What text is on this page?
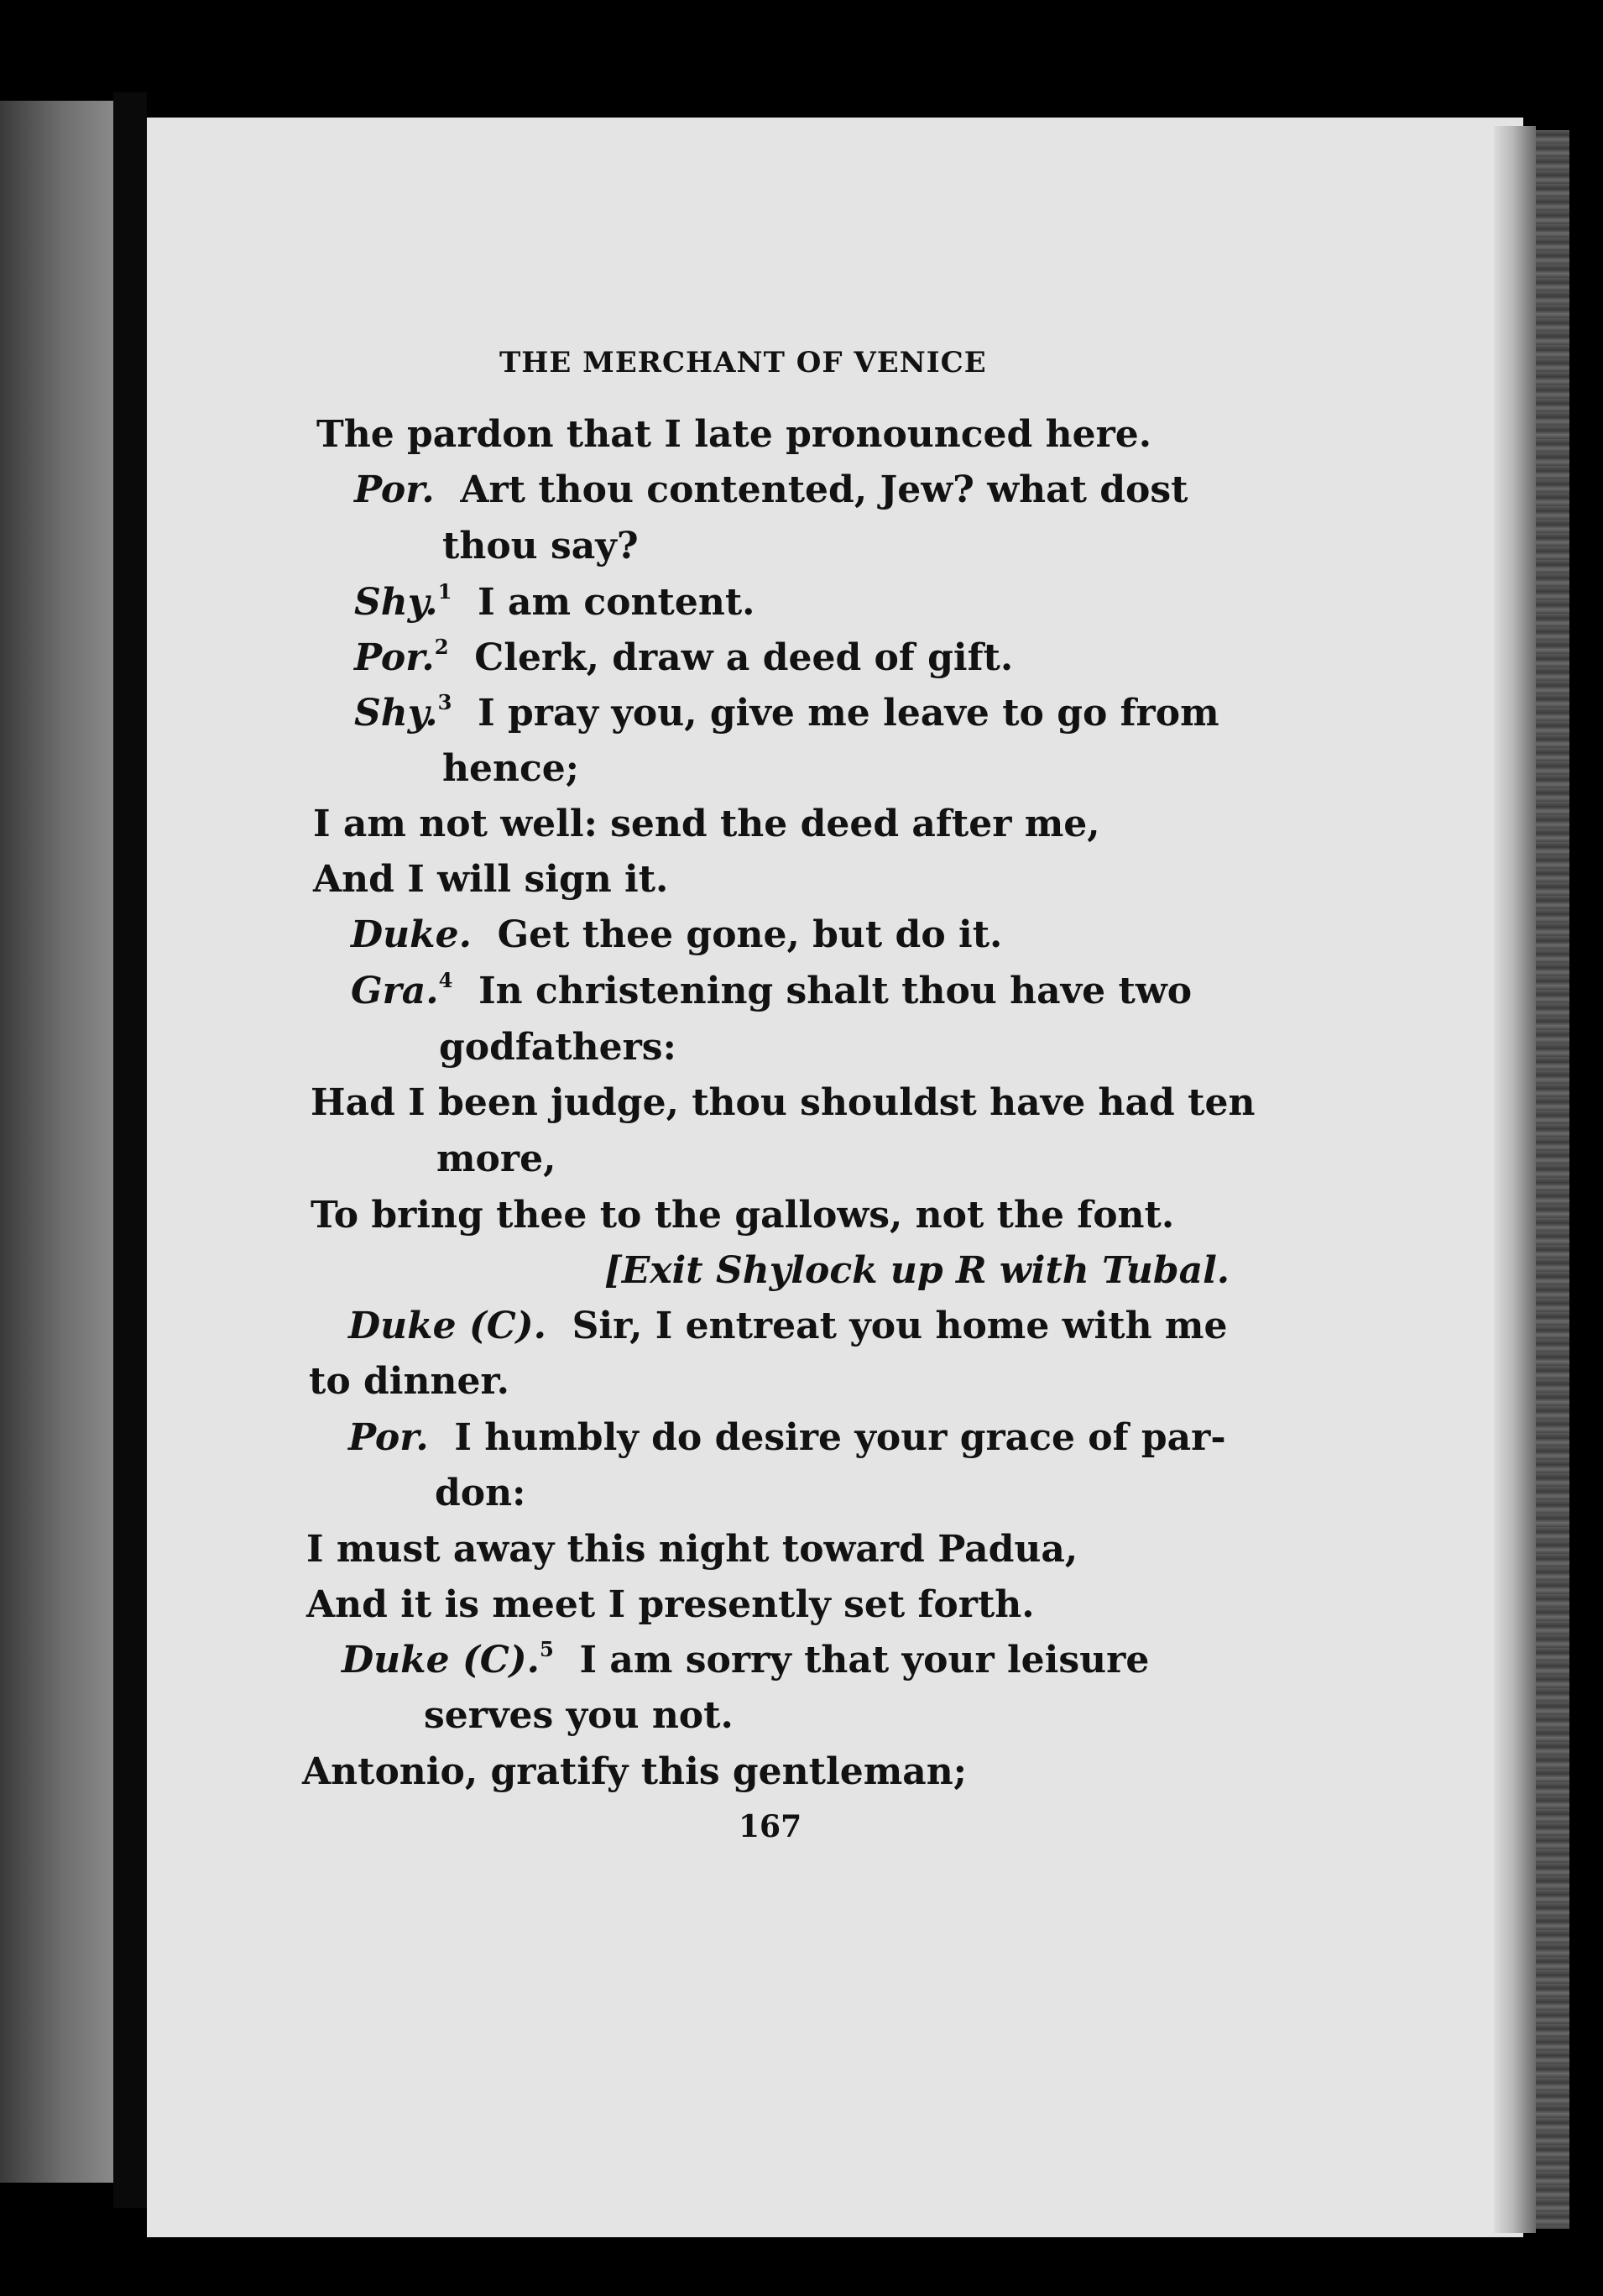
THE MERCHANT OF VENICE
The pardon that I late pronounced here.
Por. Art thou contented, Jew? what dost
thou say?
Shy.$^1$ I am content.
Por.$^2$ Clerk, draw a deed of gift.
Shy.$^3$ I pray you, give me leave to go from
hence;
I am not well: send the deed after me,
And I will sign it.
Duke. Get thee gone, but do it.
Gra.$^4$ In christening shalt thou have two
godfathers:
Had I been judge, thou shouldst have had ten
more,
To bring thee to the gallows, not the font.
[Exit Shylock up R with Tubal.
Duke (C). Sir, I entreat you home with me
to dinner.
Por. I humbly do desire your grace of par-
don:
I must away this night toward Padua,
And it is meet I presently set forth.
Duke (C).$^5$ I am sorry that your leisure
serves you not.
Antonio, gratify this gentleman;
167
